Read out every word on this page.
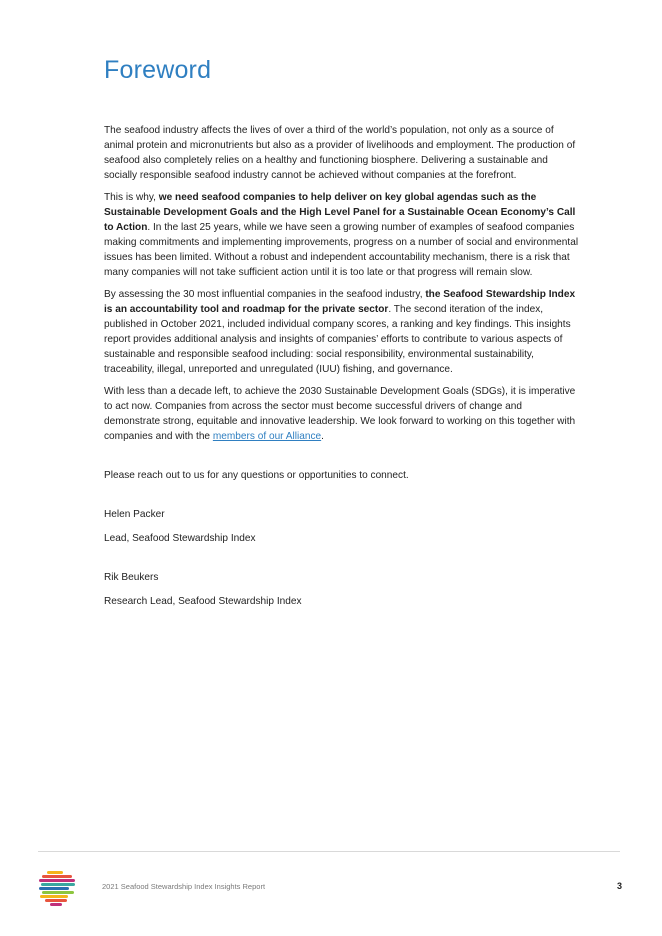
Foreword

The seafood industry affects the lives of over a third of the world’s population, not only as a source of animal protein and micronutrients but also as a provider of livelihoods and employment. The production of seafood also completely relies on a healthy and functioning biosphere. Delivering a sustainable and socially responsible seafood industry cannot be achieved without companies at the forefront.

This is why, we need seafood companies to help deliver on key global agendas such as the Sustainable Development Goals and the High Level Panel for a Sustainable Ocean Economy’s Call to Action. In the last 25 years, while we have seen a growing number of examples of seafood companies making commitments and implementing improvements, progress on a number of social and environmental issues has been limited. Without a robust and independent accountability mechanism, there is a risk that many companies will not take sufficient action until it is too late or that progress will remain slow.

By assessing the 30 most influential companies in the seafood industry, the Seafood Stewardship Index is an accountability tool and roadmap for the private sector. The second iteration of the index, published in October 2021, included individual company scores, a ranking and key findings. This insights report provides additional analysis and insights of companies’ efforts to contribute to various aspects of sustainable and responsible seafood including: social responsibility, environmental sustainability, traceability, illegal, unreported and unregulated (IUU) fishing, and governance.

With less than a decade left, to achieve the 2030 Sustainable Development Goals (SDGs), it is imperative to act now. Companies from across the sector must become successful drivers of change and demonstrate strong, equitable and innovative leadership. We look forward to working on this together with companies and with the members of our Alliance.

Please reach out to us for any questions or opportunities to connect.

Helen Packer

Lead, Seafood Stewardship Index

Rik Beukers

Research Lead, Seafood Stewardship Index

2021 Seafood Stewardship Index Insights Report	3
